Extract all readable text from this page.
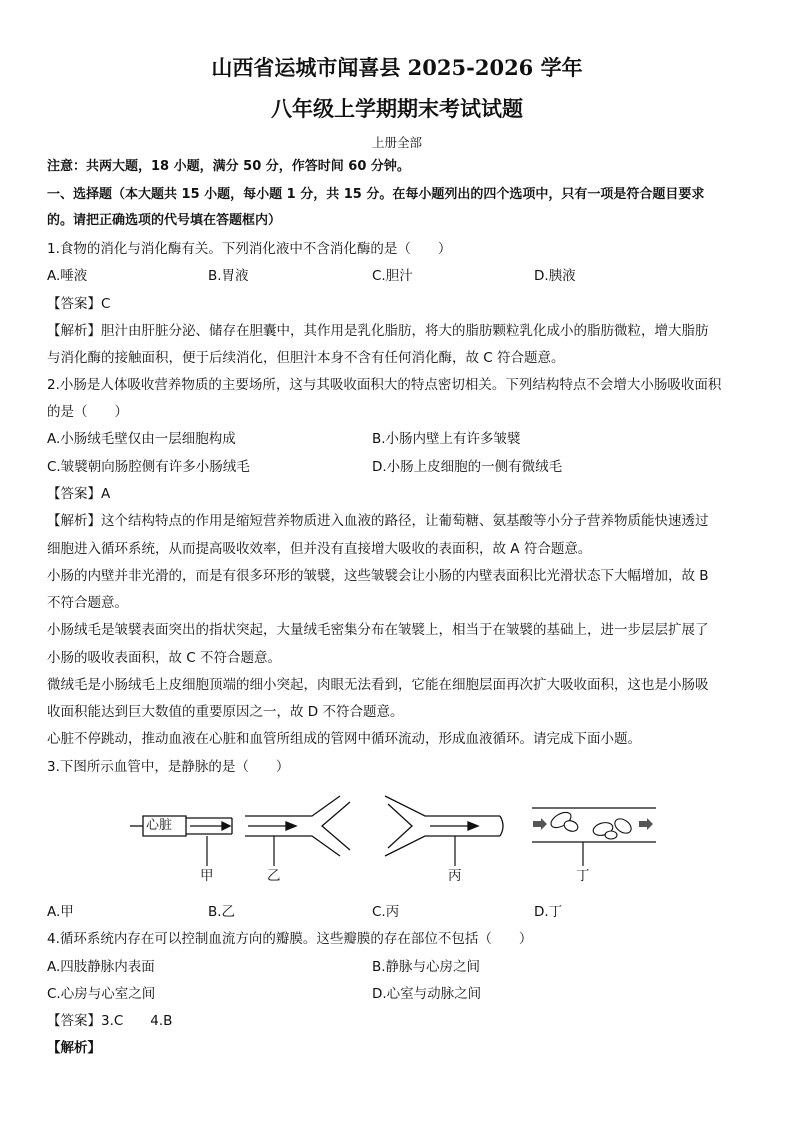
山西省运城市闻喜县 2025-2026 学年
八年级上学期期末考试试题
上册全部
注意：共两大题，18 小题，满分 50 分，作答时间 60 分钟。
一、选择题（本大题共 15 小题，每小题 1 分，共 15 分。在每小题列出的四个选项中，只有一项是符合题目要求
的。请把正确选项的代号填在答题框内）
1.食物的消化与消化酶有关。下列消化液中不含消化酶的是（　　）
A.唾液	B.胃液	C.胆汁	D.胰液
【答案】C
【解析】胆汁由肝脏分泌、储存在胆囊中，其作用是乳化脂肪，将大的脂肪颗粒乳化成小的脂肪微粒，增大脂肪
与消化酶的接触面积，便于后续消化，但胆汁本身不含有任何消化酶，故 C 符合题意。
2.小肠是人体吸收营养物质的主要场所，这与其吸收面积大的特点密切相关。下列结构特点不会增大小肠吸收面积
的是（　　）
A.小肠绒毛壁仅由一层细胞构成	B.小肠内壁上有许多皱襞
C.皱襞朝向肠腔侧有许多小肠绒毛	D.小肠上皮细胞的一侧有微绒毛
【答案】A
【解析】这个结构特点的作用是缩短营养物质进入血液的路径，让葡萄糖、氨基酸等小分子营养物质能快速透过
细胞进入循环系统，从而提高吸收效率，但并没有直接增大吸收的表面积，故 A 符合题意。
小肠的内壁并非光滑的，而是有很多环形的皱襞，这些皱襞会让小肠的内壁表面积比光滑状态下大幅增加，故 B
不符合题意。
小肠绒毛是皱襞表面突出的指状突起，大量绒毛密集分布在皱襞上，相当于在皱襞的基础上，进一步层层扩展了
小肠的吸收表面积，故 C 不符合题意。
微绒毛是小肠绒毛上皮细胞顶端的细小突起，肉眼无法看到，它能在细胞层面再次扩大吸收面积，这也是小肠吸
收面积能达到巨大数值的重要原因之一，故 D 不符合题意。
心脏不停跳动，推动血液在心脏和血管所组成的管网中循环流动，形成血液循环。请完成下面小题。
3.下图所示血管中，是静脉的是（　　）
心脏
甲	乙	丙	丁
A.甲	B.乙	C.丙	D.丁
4.循环系统内存在可以控制血流方向的瓣膜。这些瓣膜的存在部位不包括（　　）
A.四肢静脉内表面	B.静脉与心房之间
C.心房与心室之间	D.心室与动脉之间
【答案】3.C　　4.B
【解析】
